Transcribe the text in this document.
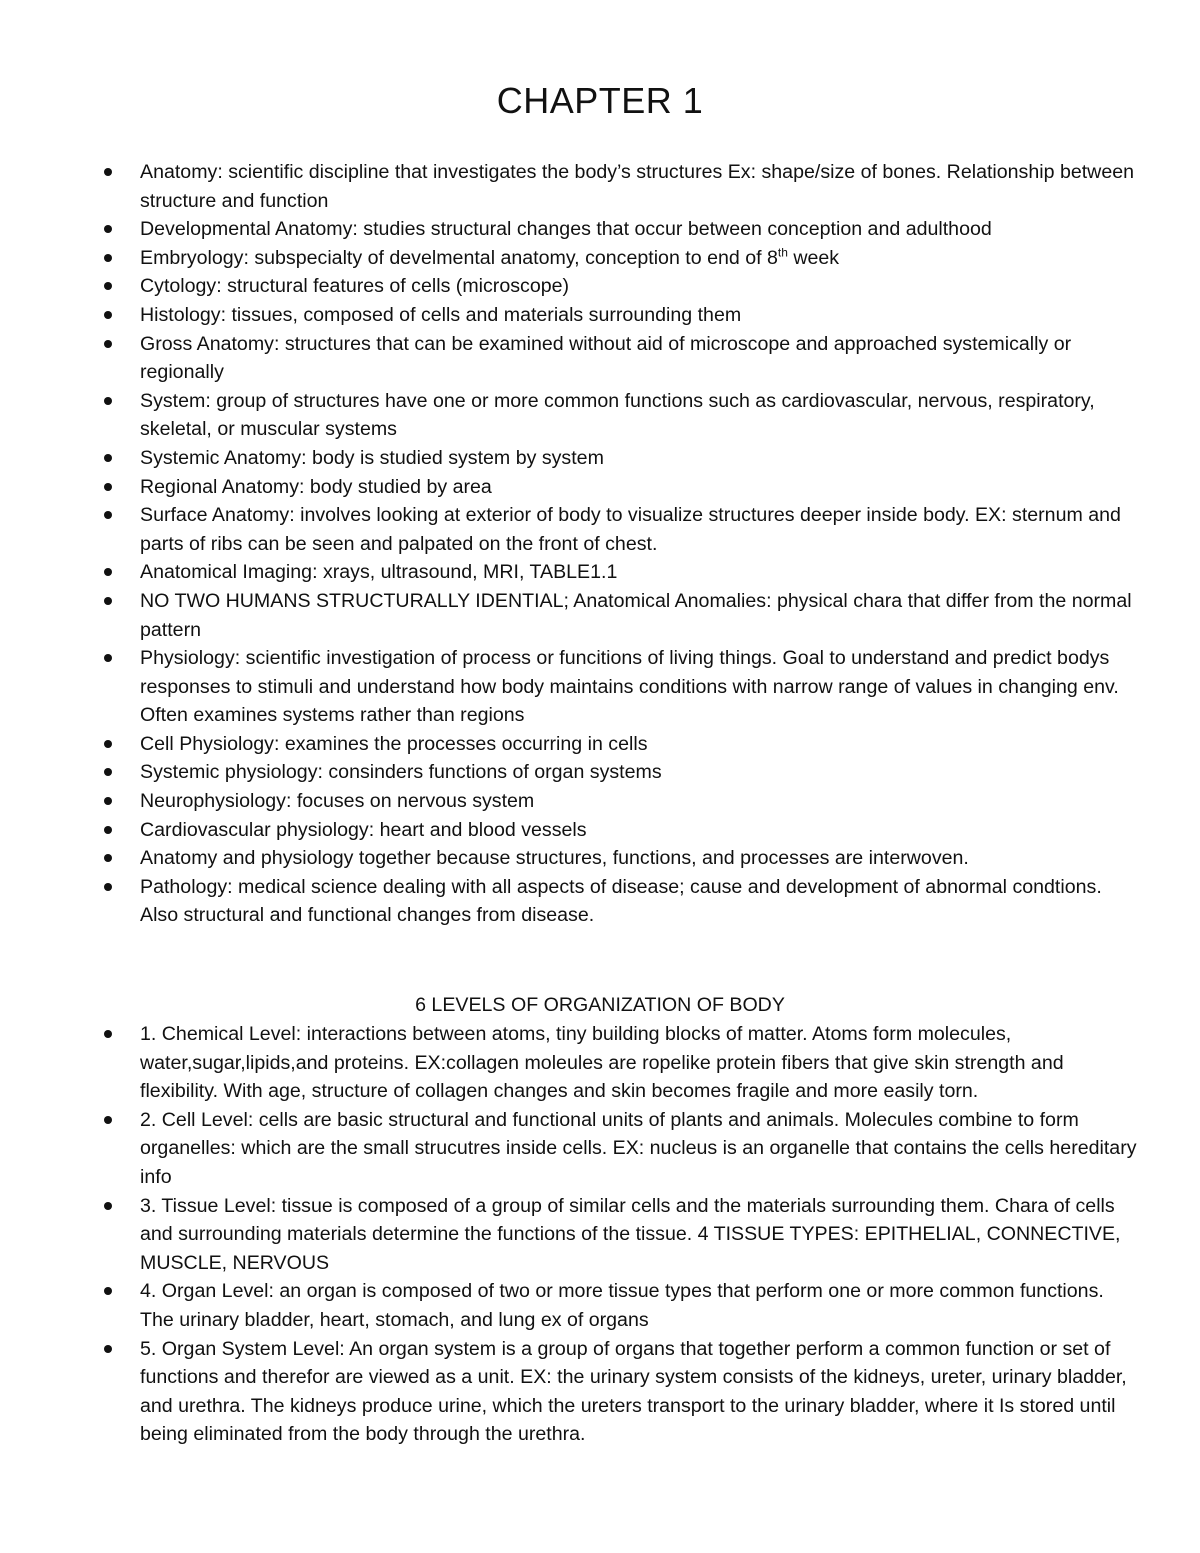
CHAPTER 1
Anatomy: scientific discipline that investigates the body’s structures Ex: shape/size of bones. Relationship between structure and function
Developmental Anatomy: studies structural changes that occur between conception and adulthood
Embryology: subspecialty of develmental anatomy, conception to end of 8th week
Cytology: structural features of cells (microscope)
Histology: tissues, composed of cells and materials surrounding them
Gross Anatomy: structures that can be examined without aid of microscope and approached systemically or regionally
System: group of structures have one or more common functions such as cardiovascular, nervous, respiratory, skeletal, or muscular systems
Systemic Anatomy: body is studied system by system
Regional Anatomy: body studied by area
Surface Anatomy: involves looking at exterior of body to visualize structures deeper inside body. EX: sternum and parts of ribs can be seen and palpated on the front of chest.
Anatomical Imaging: xrays, ultrasound, MRI, TABLE1.1
NO TWO HUMANS STRUCTURALLY IDENTIAL; Anatomical Anomalies: physical chara that differ from the normal pattern
Physiology: scientific investigation of process or funcitions of living things. Goal to understand and predict bodys responses to stimuli and understand how body maintains conditions with narrow range of values in changing env. Often examines systems rather than regions
Cell Physiology: examines the processes occurring in cells
Systemic physiology: consinders functions of organ systems
Neurophysiology: focuses on nervous system
Cardiovascular physiology: heart and blood vessels
Anatomy and physiology together because structures, functions, and processes are interwoven.
Pathology: medical science dealing with all aspects of disease; cause and development of abnormal condtions. Also structural and functional changes from disease.
6 LEVELS OF ORGANIZATION OF BODY
1. Chemical Level: interactions between atoms, tiny building blocks of matter. Atoms form molecules, water,sugar,lipids,and proteins. EX:collagen moleules are ropelike protein fibers that give skin strength and flexibility. With age, structure of collagen changes and skin becomes fragile and more easily torn.
2. Cell Level: cells are basic structural and functional units of plants and animals. Molecules combine to form organelles: which are the small strucutres inside cells. EX: nucleus is an organelle that contains the cells hereditary info
3. Tissue Level: tissue is composed of a group of similar cells and the materials surrounding them. Chara of cells and surrounding materials determine the functions of the tissue. 4 TISSUE TYPES: EPITHELIAL, CONNECTIVE, MUSCLE, NERVOUS
4. Organ Level: an organ is composed of two or more tissue types that perform one or more common functions. The urinary bladder, heart, stomach, and lung ex of organs
5. Organ System Level: An organ system is a group of organs that together perform a common function or set of functions and therefor are viewed as a unit. EX: the urinary system consists of the kidneys, ureter, urinary bladder, and urethra. The kidneys produce urine, which the ureters transport to the urinary bladder, where it Is stored until being eliminated from the body through the urethra.
